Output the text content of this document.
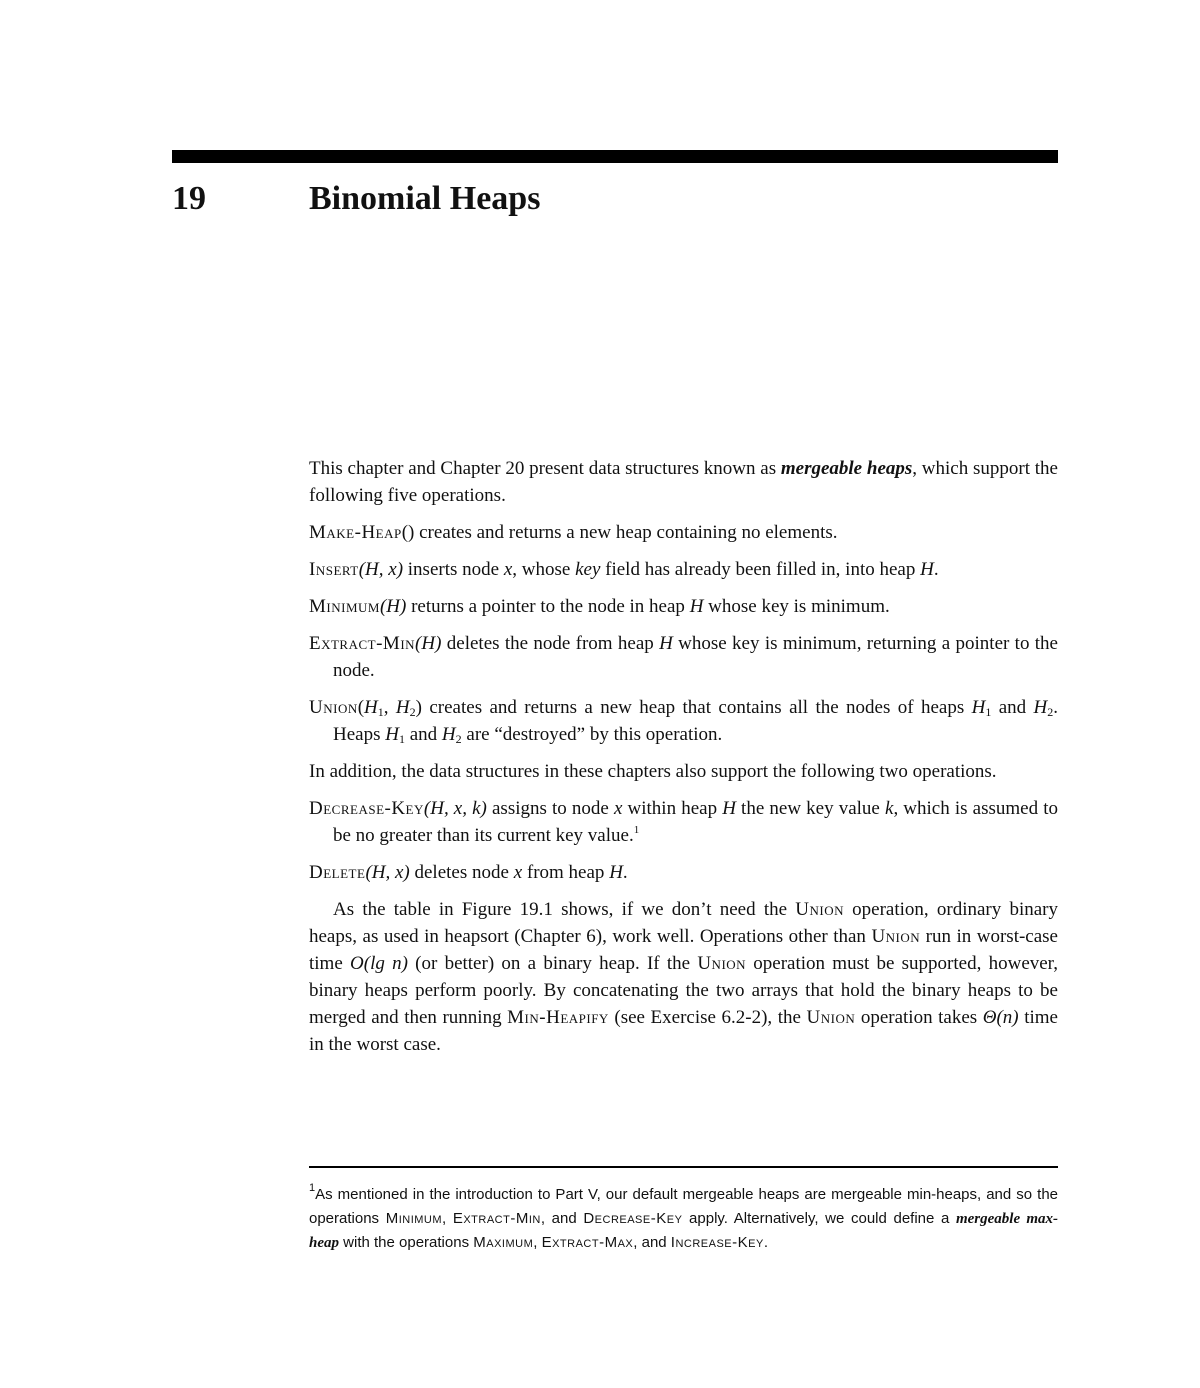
19	Binomial Heaps

This chapter and Chapter 20 present data structures known as mergeable heaps, which support the following five operations.

Make-Heap() creates and returns a new heap containing no elements.

Insert(H, x) inserts node x, whose key field has already been filled in, into heap H.

Minimum(H) returns a pointer to the node in heap H whose key is minimum.

Extract-Min(H) deletes the node from heap H whose key is minimum, returning a pointer to the node.

$Union(H_1$, $H_2$) creates and returns a new heap that contains all the nodes of heaps $H_1$ and $H_2$. Heaps $H_1$ and $H_2$ are “destroyed” by this operation.

In addition, the data structures in these chapters also support the following two operations.

Decrease-Key(H, x, k) assigns to node x within heap H the new key value k, which is assumed to be no greater than its current key value.$^1$

Delete(H, x) deletes node x from heap H.

As the table in Figure 19.1 shows, if we don’t need the Union operation, ordinary binary heaps, as used in heapsort (Chapter 6), work well. Operations other than Union run in worst-case time O(lg n) (or better) on a binary heap. If the Union operation must be supported, however, binary heaps perform poorly. By concatenating the two arrays that hold the binary heaps to be merged and then running Min-Heapify (see Exercise 6.2-2), the Union operation takes Θ(n) time in the worst case.

$^1$As mentioned in the introduction to Part V, our default mergeable heaps are mergeable min-heaps, and so the operations Minimum, Extract-Min, and Decrease-Key apply. Alternatively, we could define a mergeable max-heap with the operations Maximum, Extract-Max, and Increase-Key.
